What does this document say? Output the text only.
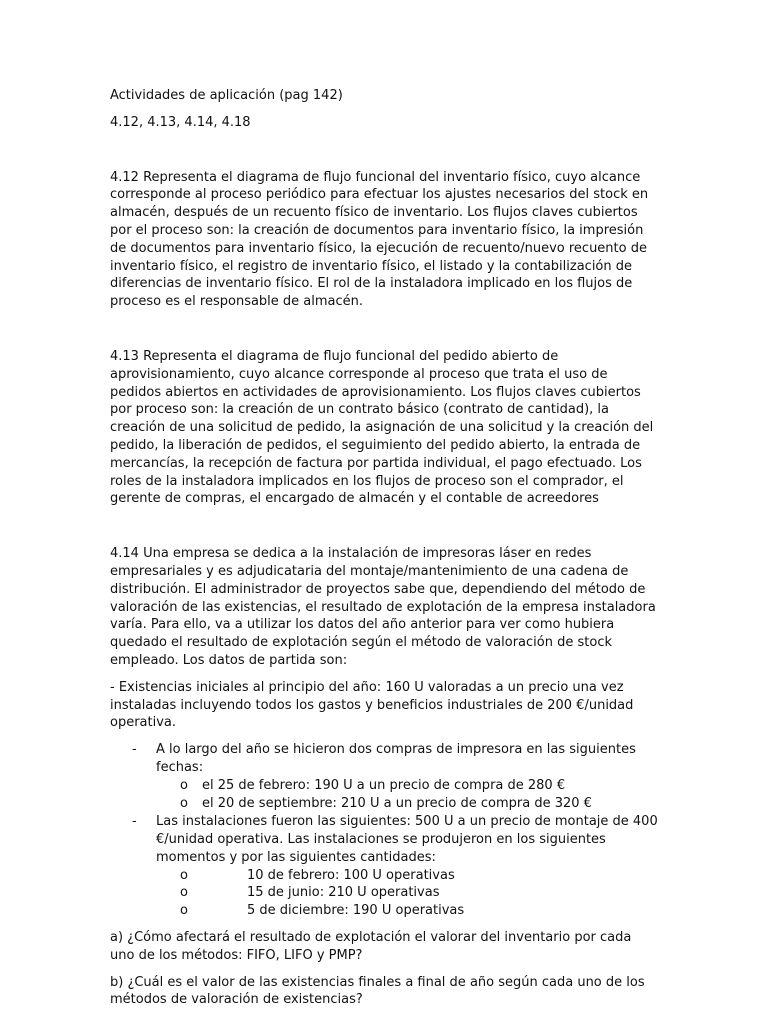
Actividades de aplicación (pag 142)

4.12, 4.13, 4.14, 4.18

4.12 Representa el diagrama de flujo funcional del inventario físico, cuyo alcance corresponde al proceso periódico para efectuar los ajustes necesarios del stock en almacén, después de un recuento físico de inventario. Los flujos claves cubiertos por el proceso son: la creación de documentos para inventario físico, la impresión de documentos para inventario físico, la ejecución de recuento/nuevo recuento de inventario físico, el registro de inventario físico, el listado y la contabilización de diferencias de inventario físico. El rol de la instaladora implicado en los flujos de proceso es el responsable de almacén.

4.13 Representa el diagrama de flujo funcional del pedido abierto de aprovisionamiento, cuyo alcance corresponde al proceso que trata el uso de pedidos abiertos en actividades de aprovisionamiento. Los flujos claves cubiertos por proceso son: la creación de un contrato básico (contrato de cantidad), la creación de una solicitud de pedido, la asignación de una solicitud y la creación del pedido, la liberación de pedidos, el seguimiento del pedido abierto, la entrada de mercancías, la recepción de factura por partida individual, el pago efectuado. Los roles de la instaladora implicados en los flujos de proceso son el comprador, el gerente de compras, el encargado de almacén y el contable de acreedores

4.14 Una empresa se dedica a la instalación de impresoras láser en redes empresariales y es adjudicataria del montaje/mantenimiento de una cadena de distribución. El administrador de proyectos sabe que, dependiendo del método de valoración de las existencias, el resultado de explotación de la empresa instaladora varía. Para ello, va a utilizar los datos del año anterior para ver como hubiera quedado el resultado de explotación según el método de valoración de stock empleado. Los datos de partida son:

- Existencias iniciales al principio del año: 160 U valoradas a un precio una vez instaladas incluyendo todos los gastos y beneficios industriales de 200 €/unidad operativa.

- A lo largo del año se hicieron dos compras de impresora en las siguientes fechas:
o el 25 de febrero: 190 U a un precio de compra de 280 €
o el 20 de septiembre: 210 U a un precio de compra de 320 €
- Las instalaciones fueron las siguientes: 500 U a un precio de montaje de 400 €/unidad operativa. Las instalaciones se produjeron en los siguientes momentos y por las siguientes cantidades:
o	10 de febrero: 100 U operativas
o	15 de junio: 210 U operativas
o	5 de diciembre: 190 U operativas

a) ¿Cómo afectará el resultado de explotación el valorar del inventario por cada uno de los métodos: FIFO, LIFO y PMP?

b) ¿Cuál es el valor de las existencias finales a final de año según cada uno de los métodos de valoración de existencias?
